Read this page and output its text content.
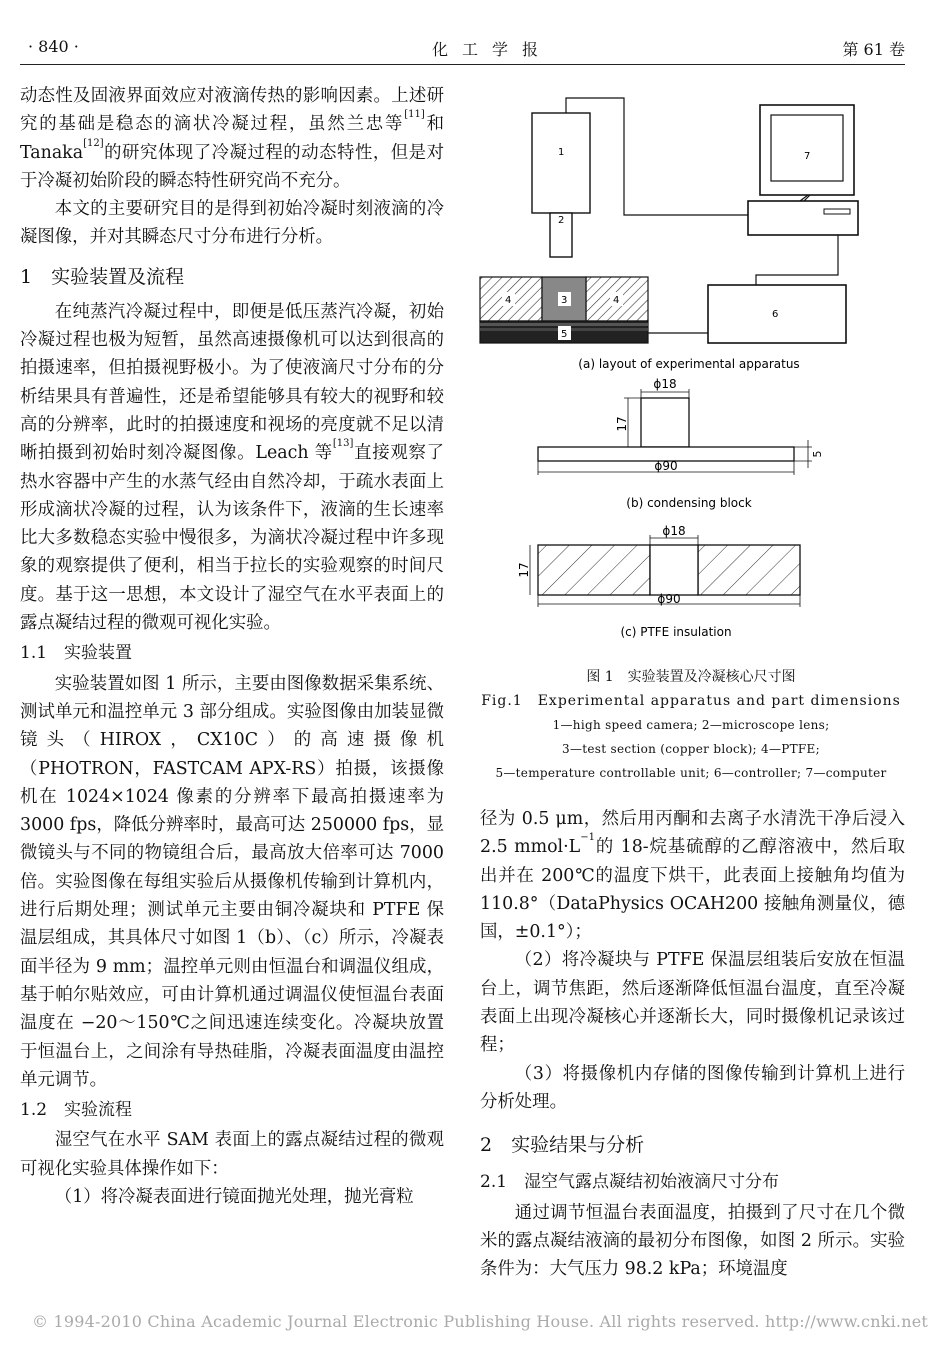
· 840 ·	化工学报	第 61 卷

动态性及固液界面效应对液滴传热的影响因素。上述研究的基础是稳态的滴状冷凝过程，虽然兰忠等[11]和 Tanaka[12]的研究体现了冷凝过程的动态特性，但是对于冷凝初始阶段的瞬态特性研究尚不充分。

本文的主要研究目的是得到初始冷凝时刻液滴的冷凝图像，并对其瞬态尺寸分布进行分析。

1　实验装置及流程

在纯蒸汽冷凝过程中，即便是低压蒸汽冷凝，初始冷凝过程也极为短暂，虽然高速摄像机可以达到很高的拍摄速率，但拍摄视野极小。为了使液滴尺寸分布的分析结果具有普遍性，还是希望能够具有较大的视野和较高的分辨率，此时的拍摄速度和视场的亮度就不足以清晰拍摄到初始时刻冷凝图像。Leach 等[13]直接观察了热水容器中产生的水蒸气经由自然冷却，于疏水表面上形成滴状冷凝的过程，认为该条件下，液滴的生长速率比大多数稳态实验中慢很多，为滴状冷凝过程中许多现象的观察提供了便利，相当于拉长的实验观察的时间尺度。基于这一思想，本文设计了湿空气在水平表面上的露点凝结过程的微观可视化实验。

1.1　实验装置

实验装置如图 1 所示，主要由图像数据采集系统、测试单元和温控单元 3 部分组成。实验图像由加装显微镜头（HIROX，CX10C）的高速摄像机（PHOTRON，FASTCAM APX-RS）拍摄，该摄像机在 1024×1024 像素的分辨率下最高拍摄速率为 3000 fps，降低分辨率时，最高可达 250000 fps，显微镜头与不同的物镜组合后，最高放大倍率可达 7000 倍。实验图像在每组实验后从摄像机传输到计算机内，进行后期处理；测试单元主要由铜冷凝块和 PTFE 保温层组成，其具体尺寸如图 1（b）、（c）所示，冷凝表面半径为 9 mm；温控单元则由恒温台和调温仪组成，基于帕尔贴效应，可由计算机通过调温仪使恒温台表面温度在 −20～150℃之间迅速连续变化。冷凝块放置于恒温台上，之间涂有导热硅脂，冷凝表面温度由温控单元调节。

1.2　实验流程

湿空气在水平 SAM 表面上的露点凝结过程的微观可视化实验具体操作如下：

（1）将冷凝表面进行镜面抛光处理，抛光膏粒

1
2
7
3
4	4
5
6
(a) layout of experimental apparatus
ϕ18
17
5
ϕ90
(b) condensing block
ϕ18
17
ϕ90
(c) PTFE insulation
图 1　实验装置及冷凝核心尺寸图
Fig.1　Experimental apparatus and part dimensions
1—high speed camera; 2—microscope lens;
3—test section (copper block); 4—PTFE;
5—temperature controllable unit; 6—controller; 7—computer

径为 0.5 μm，然后用丙酮和去离子水清洗干净后浸入 2.5 $mmol\cdot L^{-1}$的 18-烷基硫醇的乙醇溶液中，然后取出并在 200℃的温度下烘干，此表面上接触角均值为 110.8°（DataPhysics OCAH200 接触角测量仪，德国，±0.1°）；

（2）将冷凝块与 PTFE 保温层组装后安放在恒温台上，调节焦距，然后逐渐降低恒温台温度，直至冷凝表面上出现冷凝核心并逐渐长大，同时摄像机记录该过程；

（3）将摄像机内存储的图像传输到计算机上进行分析处理。

2　实验结果与分析
2.1　湿空气露点凝结初始液滴尺寸分布

通过调节恒温台表面温度，拍摄到了尺寸在几个微米的露点凝结液滴的最初分布图像，如图 2 所示。实验条件为：大气压力 98.2 kPa；环境温度

© 1994-2010 China Academic Journal Electronic Publishing House. All rights reserved. http://www.cnki.net
